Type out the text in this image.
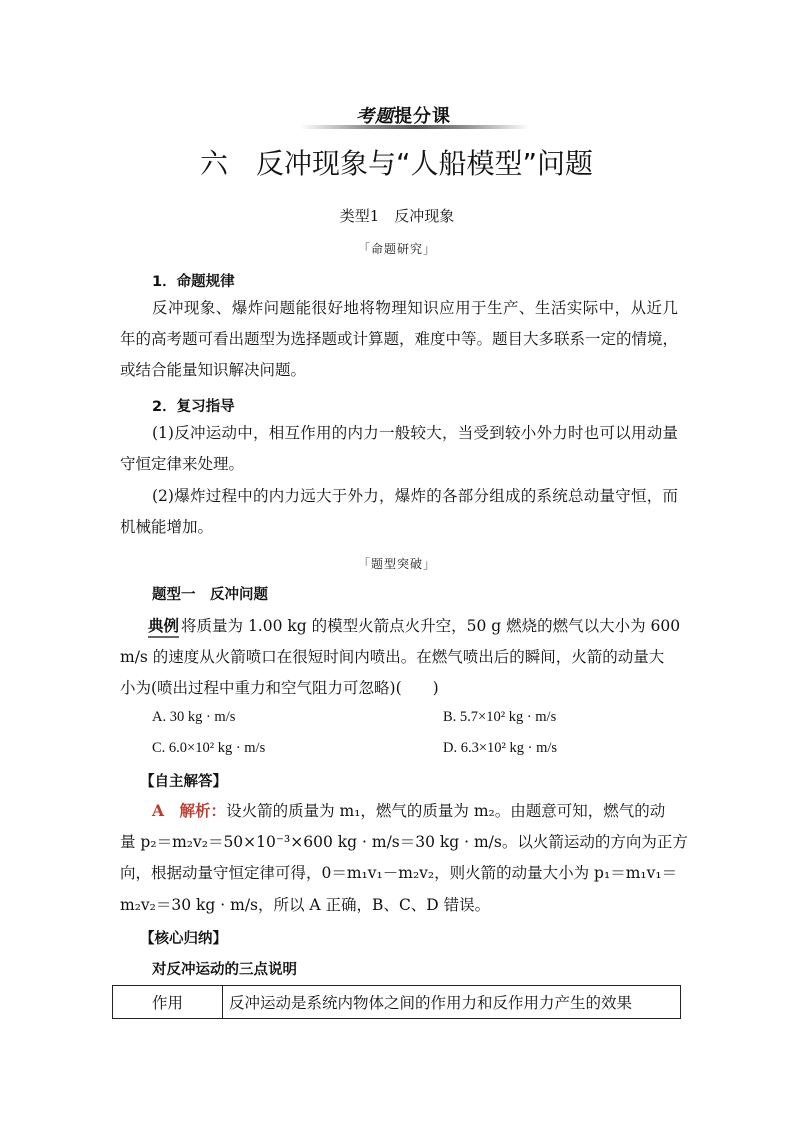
考题提分课
六　反冲现象与“人船模型”问题
类型1　反冲现象
「命题研究」
1．命题规律
反冲现象、爆炸问题能很好地将物理知识应用于生产、生活实际中，从近几年的高考题可看出题型为选择题或计算题，难度中等。题目大多联系一定的情境，或结合能量知识解决问题。
2．复习指导
(1)反冲运动中，相互作用的内力一般较大，当受到较小外力时也可以用动量守恒定律来处理。
(2)爆炸过程中的内力远大于外力，爆炸的各部分组成的系统总动量守恒，而机械能增加。
「题型突破」
题型一　反冲问题
典例 将质量为 1.00 kg 的模型火箭点火升空，50 g 燃烧的燃气以大小为 600
m/s 的速度从火箭喷口在很短时间内喷出。在燃气喷出后的瞬间，火箭的动量大
小为(喷出过程中重力和空气阻力可忽略)(　　)
A. 30 kg · m/s	B. 5.7×10² kg · m/s
C. 6.0×10² kg · m/s	D. 6.3×10² kg · m/s
【自主解答】
A　 解析：设火箭的质量为 m₁，燃气的质量为 m₂。由题意可知，燃气的动
量 p₂＝m₂v₂＝50×10⁻³×600 kg · m/s＝30 kg · m/s。以火箭运动的方向为正方
向，根据动量守恒定律可得，0＝m₁v₁－m₂v₂，则火箭的动量大小为 p₁＝m₁v₁＝
m₂v₂＝30 kg · m/s，所以 A 正确，B、C、D 错误。
【核心归纳】
对反冲运动的三点说明
作用	反冲运动是系统内物体之间的作用力和反作用力产生的效果
